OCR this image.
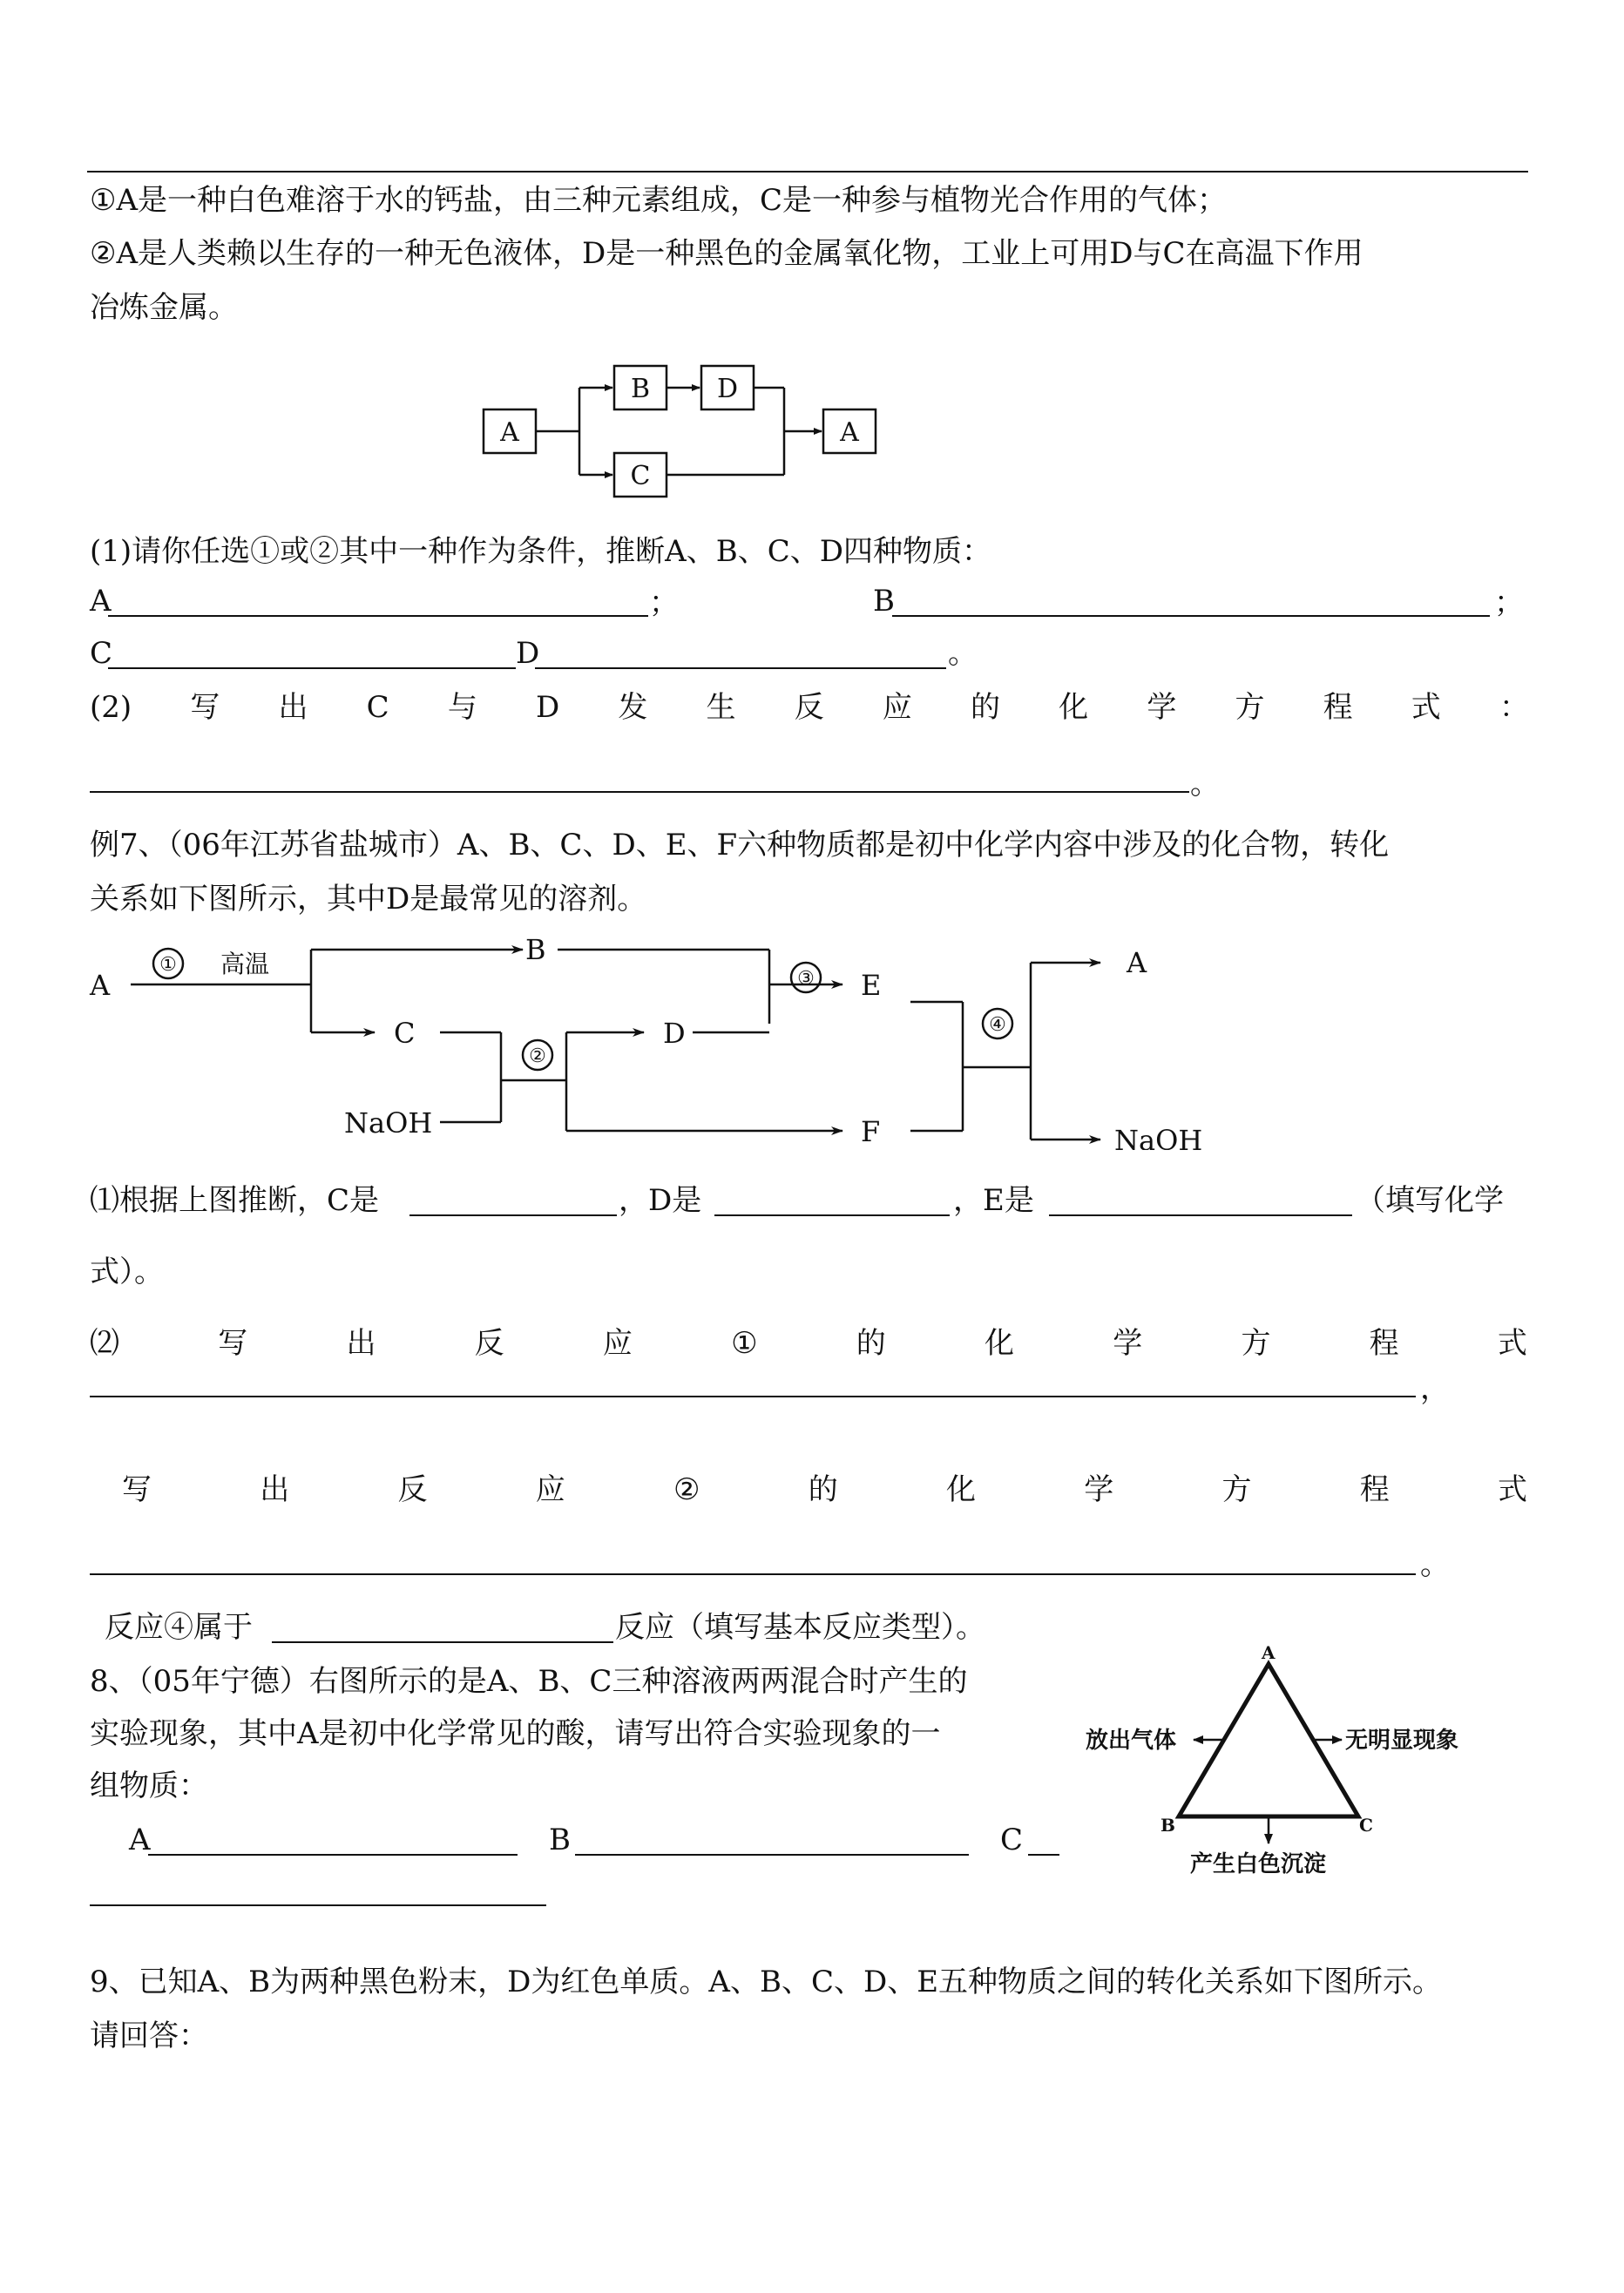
①A是一种白色难溶于水的钙盐，由三种元素组成，C是一种参与植物光合作用的气体；
②A是人类赖以生存的一种无色液体，D是一种黑色的金属氧化物，工业上可用D与C在高温下作用
冶炼金属。
A
B	D
C
A
(1)请你任选①或②其中一种作为条件，推断A、B、C、D四种物质：
A	；	B	；
C	D	。
(2) 写 出 C 与 D 发 生 反 应 的 化 学 方 程 式 ：
。
例7、（06年江苏省盐城市）A、B、C、D、E、F六种物质都是初中化学内容中涉及的化合物，转化
关系如下图所示，其中D是最常见的溶剂。
A
B
C
NaOH
D
E
F
A
NaOH
①
②
③
④
高温
⑴根据上图推断，C是	，D是	，E是	（填写化学
式）。
⑵	写	出	反	应	①	的	化	学	方	程	式
，
写	出	反	应	②	的	化	学	方	程	式
。
反应④属于	反应（填写基本反应类型）。
8、（05年宁德）右图所示的是A、B、C三种溶液两两混合时产生的
实验现象，其中A是初中化学常见的酸，请写出符合实验现象的一
组物质：
A	B	C
A
B	C
放出气体	无明显现象
产生白色沉淀
9、已知A、B为两种黑色粉末，D为红色单质。A、B、C、D、E五种物质之间的转化关系如下图所示。
请回答：
